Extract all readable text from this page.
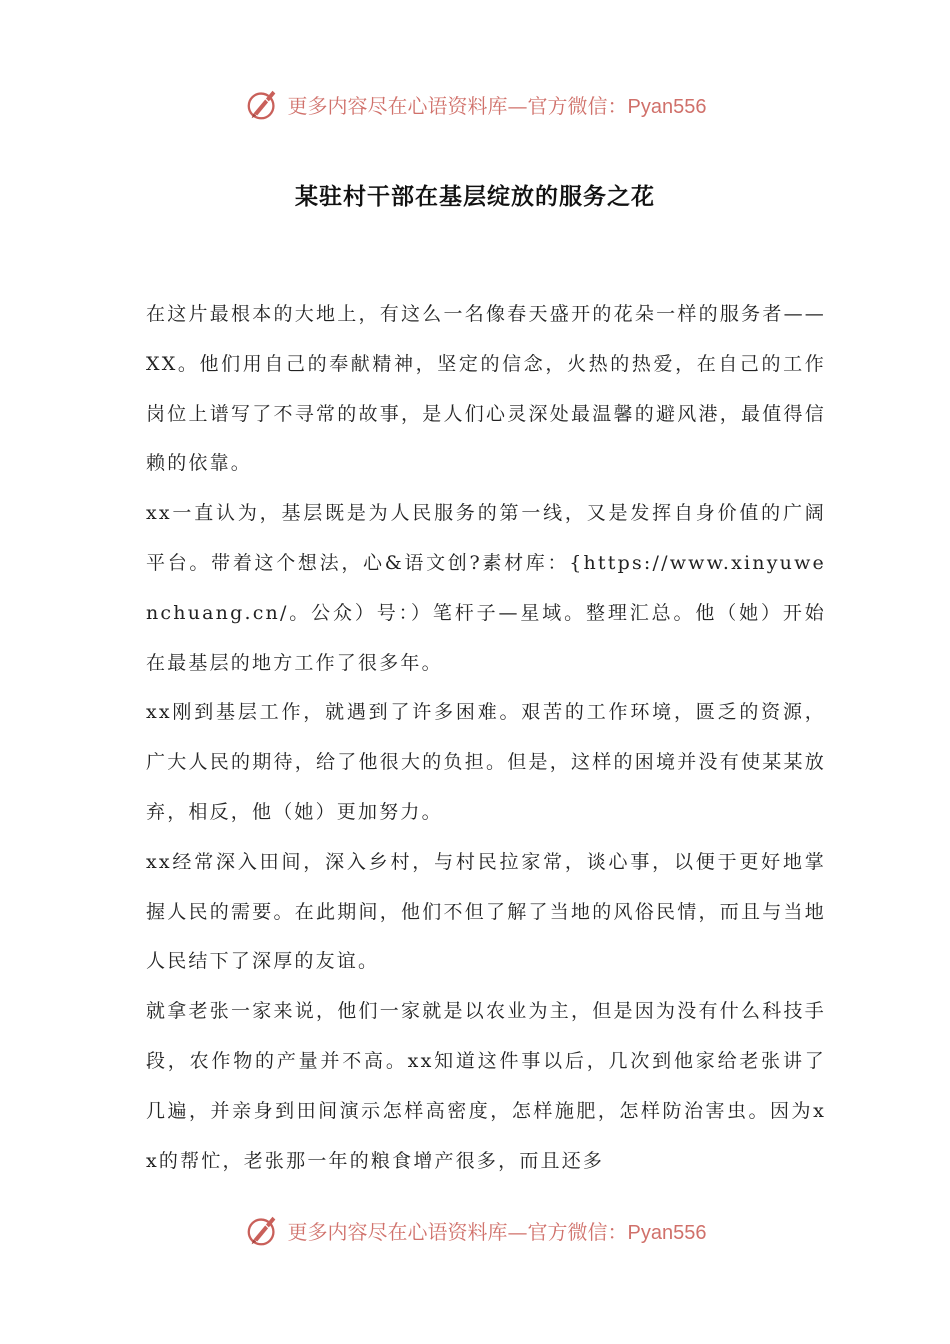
更多内容尽在心语资料库—官方微信：Pyan556
某驻村干部在基层绽放的服务之花

在这片最根本的大地上，有这么一名像春天盛开的花朵一样的服务者——XX。他们用自己的奉献精神，坚定的信念，火热的热爱，在自己的工作岗位上谱写了不寻常的故事，是人们心灵深处最温馨的避风港，最值得信赖的依靠。

xx一直认为，基层既是为人民服务的第一线，又是发挥自身价值的广阔平台。带着这个想法，心&语文创?素材库：{https://www.xinyuwenchuang.cn/。公众）号：）笔杆子—星域。整理汇总。他（她）开始在最基层的地方工作了很多年。

xx刚到基层工作，就遇到了许多困难。艰苦的工作环境，匮乏的资源，广大人民的期待，给了他很大的负担。但是，这样的困境并没有使某某放弃，相反，他（她）更加努力。

xx经常深入田间，深入乡村，与村民拉家常，谈心事，以便于更好地掌握人民的需要。在此期间，他们不但了解了当地的风俗民情，而且与当地人民结下了深厚的友谊。

就拿老张一家来说，他们一家就是以农业为主，但是因为没有什么科技手段，农作物的产量并不高。xx知道这件事以后，几次到他家给老张讲了几遍，并亲身到田间演示怎样高密度，怎样施肥，怎样防治害虫。因为xx的帮忙，老张那一年的粮食增产很多，而且还多

更多内容尽在心语资料库—官方微信：Pyan556
